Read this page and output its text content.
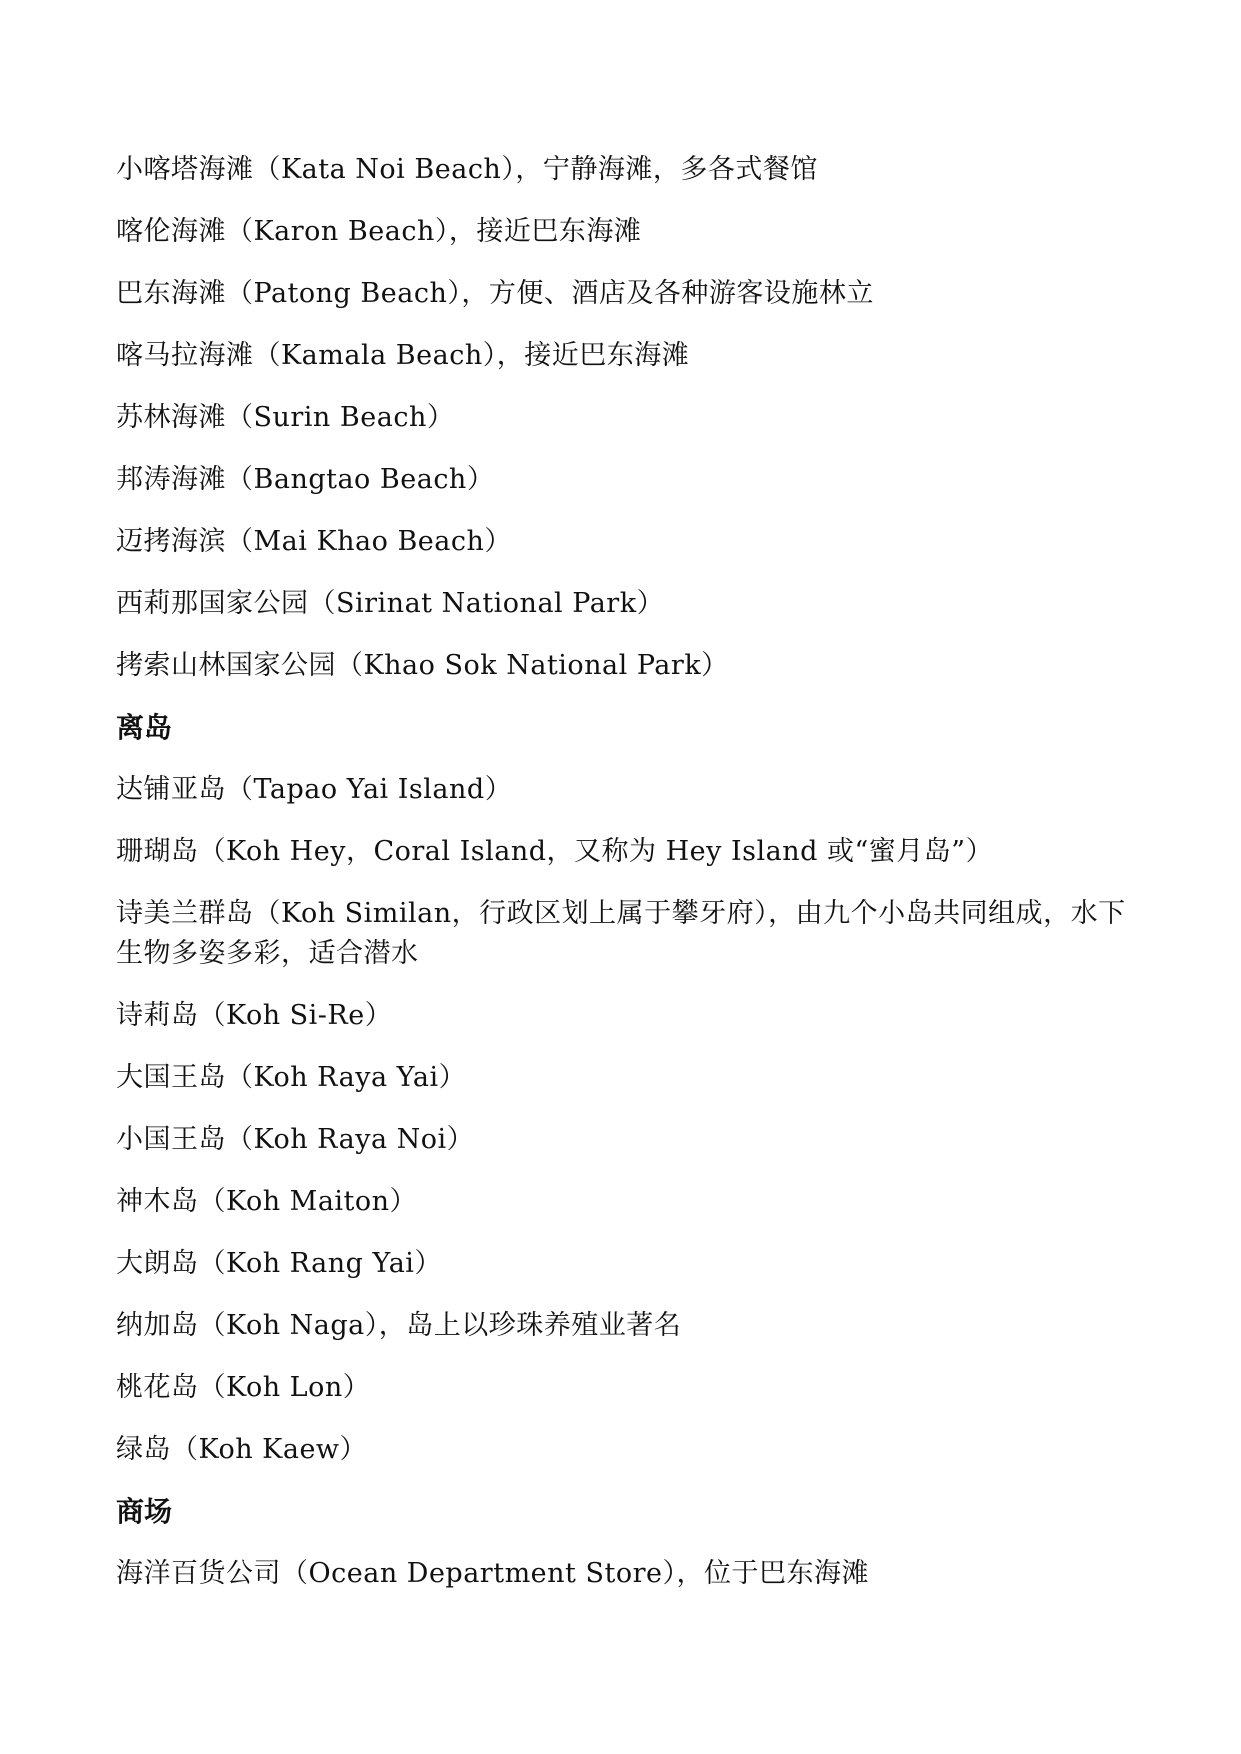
小喀塔海滩（Kata Noi Beach），宁静海滩，多各式餐馆
喀伦海滩（Karon Beach），接近巴东海滩
巴东海滩（Patong Beach），方便、酒店及各种游客设施林立
喀马拉海滩（Kamala Beach），接近巴东海滩
苏林海滩（Surin Beach）
邦涛海滩（Bangtao Beach）
迈拷海滨（Mai Khao Beach）
西莉那国家公园（Sirinat National Park）
拷索山林国家公园（Khao Sok National Park）
离岛
达铺亚岛（Tapao Yai Island）
珊瑚岛（Koh Hey，Coral Island，又称为 Hey Island 或“蜜月岛”）
诗美兰群岛（Koh Similan，行政区划上属于攀牙府），由九个小岛共同组成，水下生物多姿多彩，适合潜水
诗莉岛（Koh Si-Re）
大国王岛（Koh Raya Yai）
小国王岛（Koh Raya Noi）
神木岛（Koh Maiton）
大朗岛（Koh Rang Yai）
纳加岛（Koh Naga），岛上以珍珠养殖业著名
桃花岛（Koh Lon）
绿岛（Koh Kaew）
商场
海洋百货公司（Ocean Department Store），位于巴东海滩
